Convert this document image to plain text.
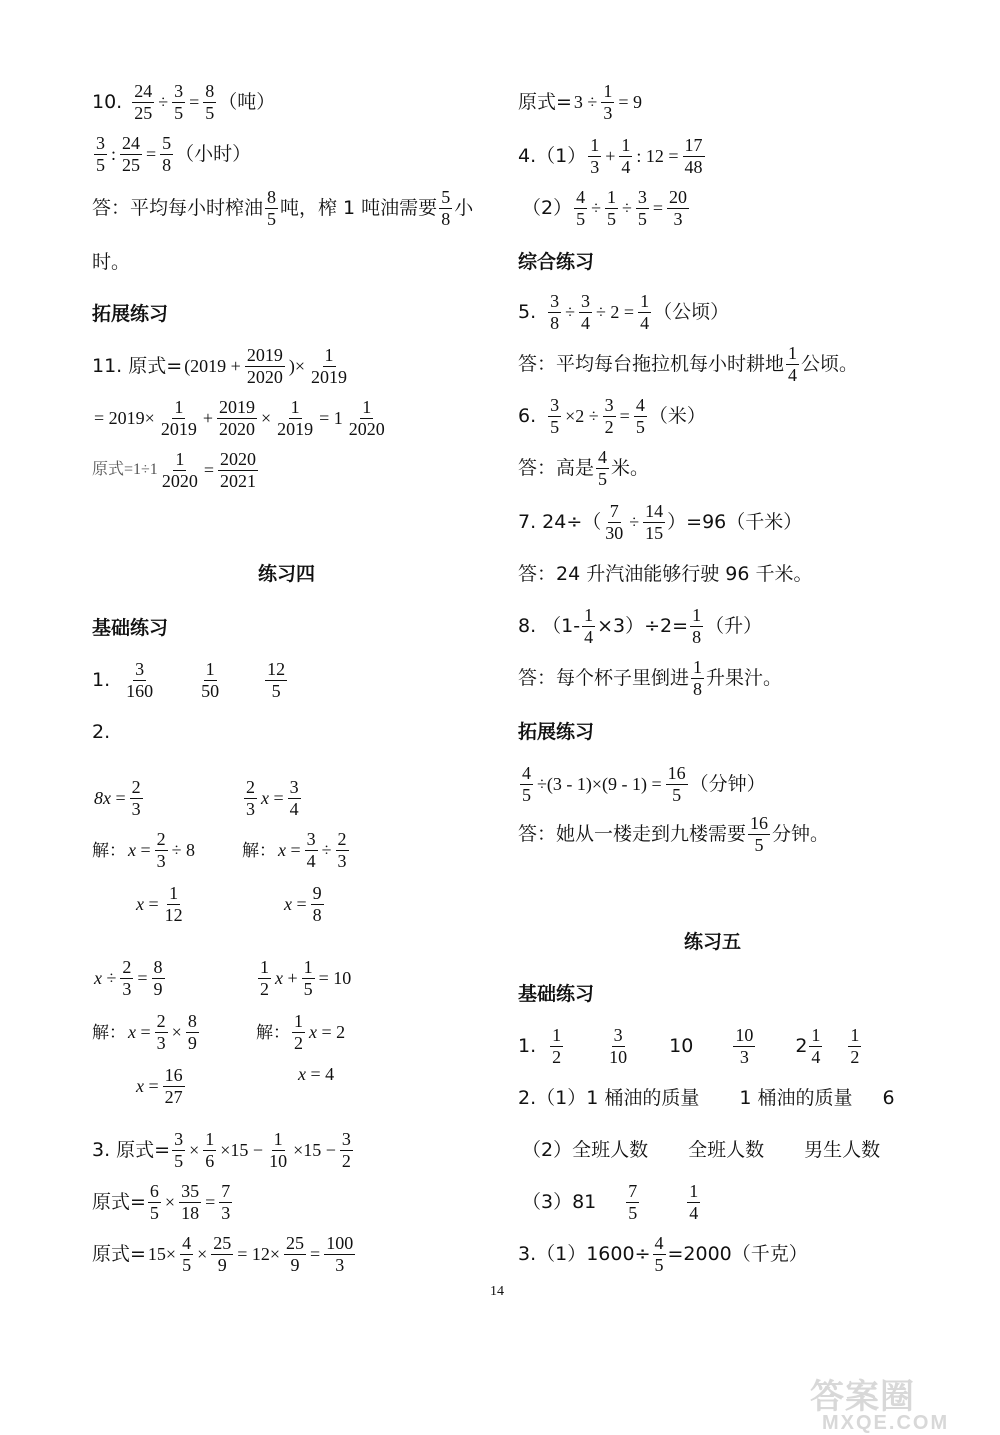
10. $\frac{24}{25} \div \frac{3}{5} = \frac{8}{5}$ （吨）
3
5
: $\frac{24}{25} = \frac{5}{8}$ （小时）
答：平均每小时榨油 8
5 吨，榨 1 吨油需要 5
8 小
时。
拓展练习
11. 原式= ($2019 + \frac{2019}{2020}$ )× $\frac{1}{2019}$
= $2019\times \frac{1}{2019} + \frac{2019}{2020} \times \frac{1}{2019} = 1$
1
2020
原式$=1\div 1 \frac{1}{2020} = \frac{2020}{2021}$
练习四
基础练习
1. 3
160
1
50
12
5
2.
$8x = \frac{2}{3}$
解： $x = \frac{2}{3} \div 8$
$x = \frac{1}{12}$
2
3
$x = \frac{3}{4}$
解： $x = \frac{3}{4} \div \frac{2}{3}$
$x = \frac{9}{8}$
$x \div \frac{2}{3} = \frac{8}{9}$
解： $x = \frac{2}{3} \times \frac{8}{9}$
$x = \frac{16}{27}$
1
2
$x + \frac{1}{5} = 10$
解：
1
2
x = 2
x = 4
3. 原式= $\frac{3}{5} \times \frac{1}{6} \times 15 - \frac{1}{10} \times 15 - \frac{3}{2}$
原式= $\frac{6}{5} \times \frac{35}{18} = \frac{7}{3}$
原式= $15\times \frac{4}{5} \times \frac{25}{9} = 12\times \frac{25}{9} = \frac{100}{3}$
原式= $3 \div \frac{1}{3} = 9$
4.（1） 1
3
+ $\frac{1}{4}$ : $12 = \frac{17}{48}$
$(2) \frac{4}{5} \div \frac{1}{5} \div \frac{3}{5} = \frac{20}{3}$
综合练习
5. $\frac{3}{8} \div \frac{3}{4} \div 2 = \frac{1}{4}$ （公顷）
答：平均每台拖拉机每小时耕地 1
4 公顷。
6. $\frac{3}{5} \times 2 \div \frac{3}{2} = \frac{4}{5}$ （米）
答：高是 4
5 米。
7. $24\div( \frac{7}{30} \div \frac{14}{15} )=96$（千米）
答：24 升汽油能够行驶 96 千米。
8. $(1- \frac{1}{4} \times 3)\div 2= \frac{1}{8}$ （升）
答：每个杯子里倒进 1
8 升果汁。
拓展练习
$\frac{4}{5} \div(3 - 1)\times(9 - 1) = \frac{16}{5}$ （分钟）
答：她从一楼走到九楼需要 16
5 分钟。
练习五
基础练习
1. 1
2
3
10 10 10
3 2 1
4
1
2
2.（1）1 桶油的质量 1 桶油的质量 6
（2）全班人数 全班人数 男生人数
（3）81 7
5
1
4
$3.(1)1600\div \frac{4}{5} =2000$（千克）
14
答案圈
MXQE.COM
